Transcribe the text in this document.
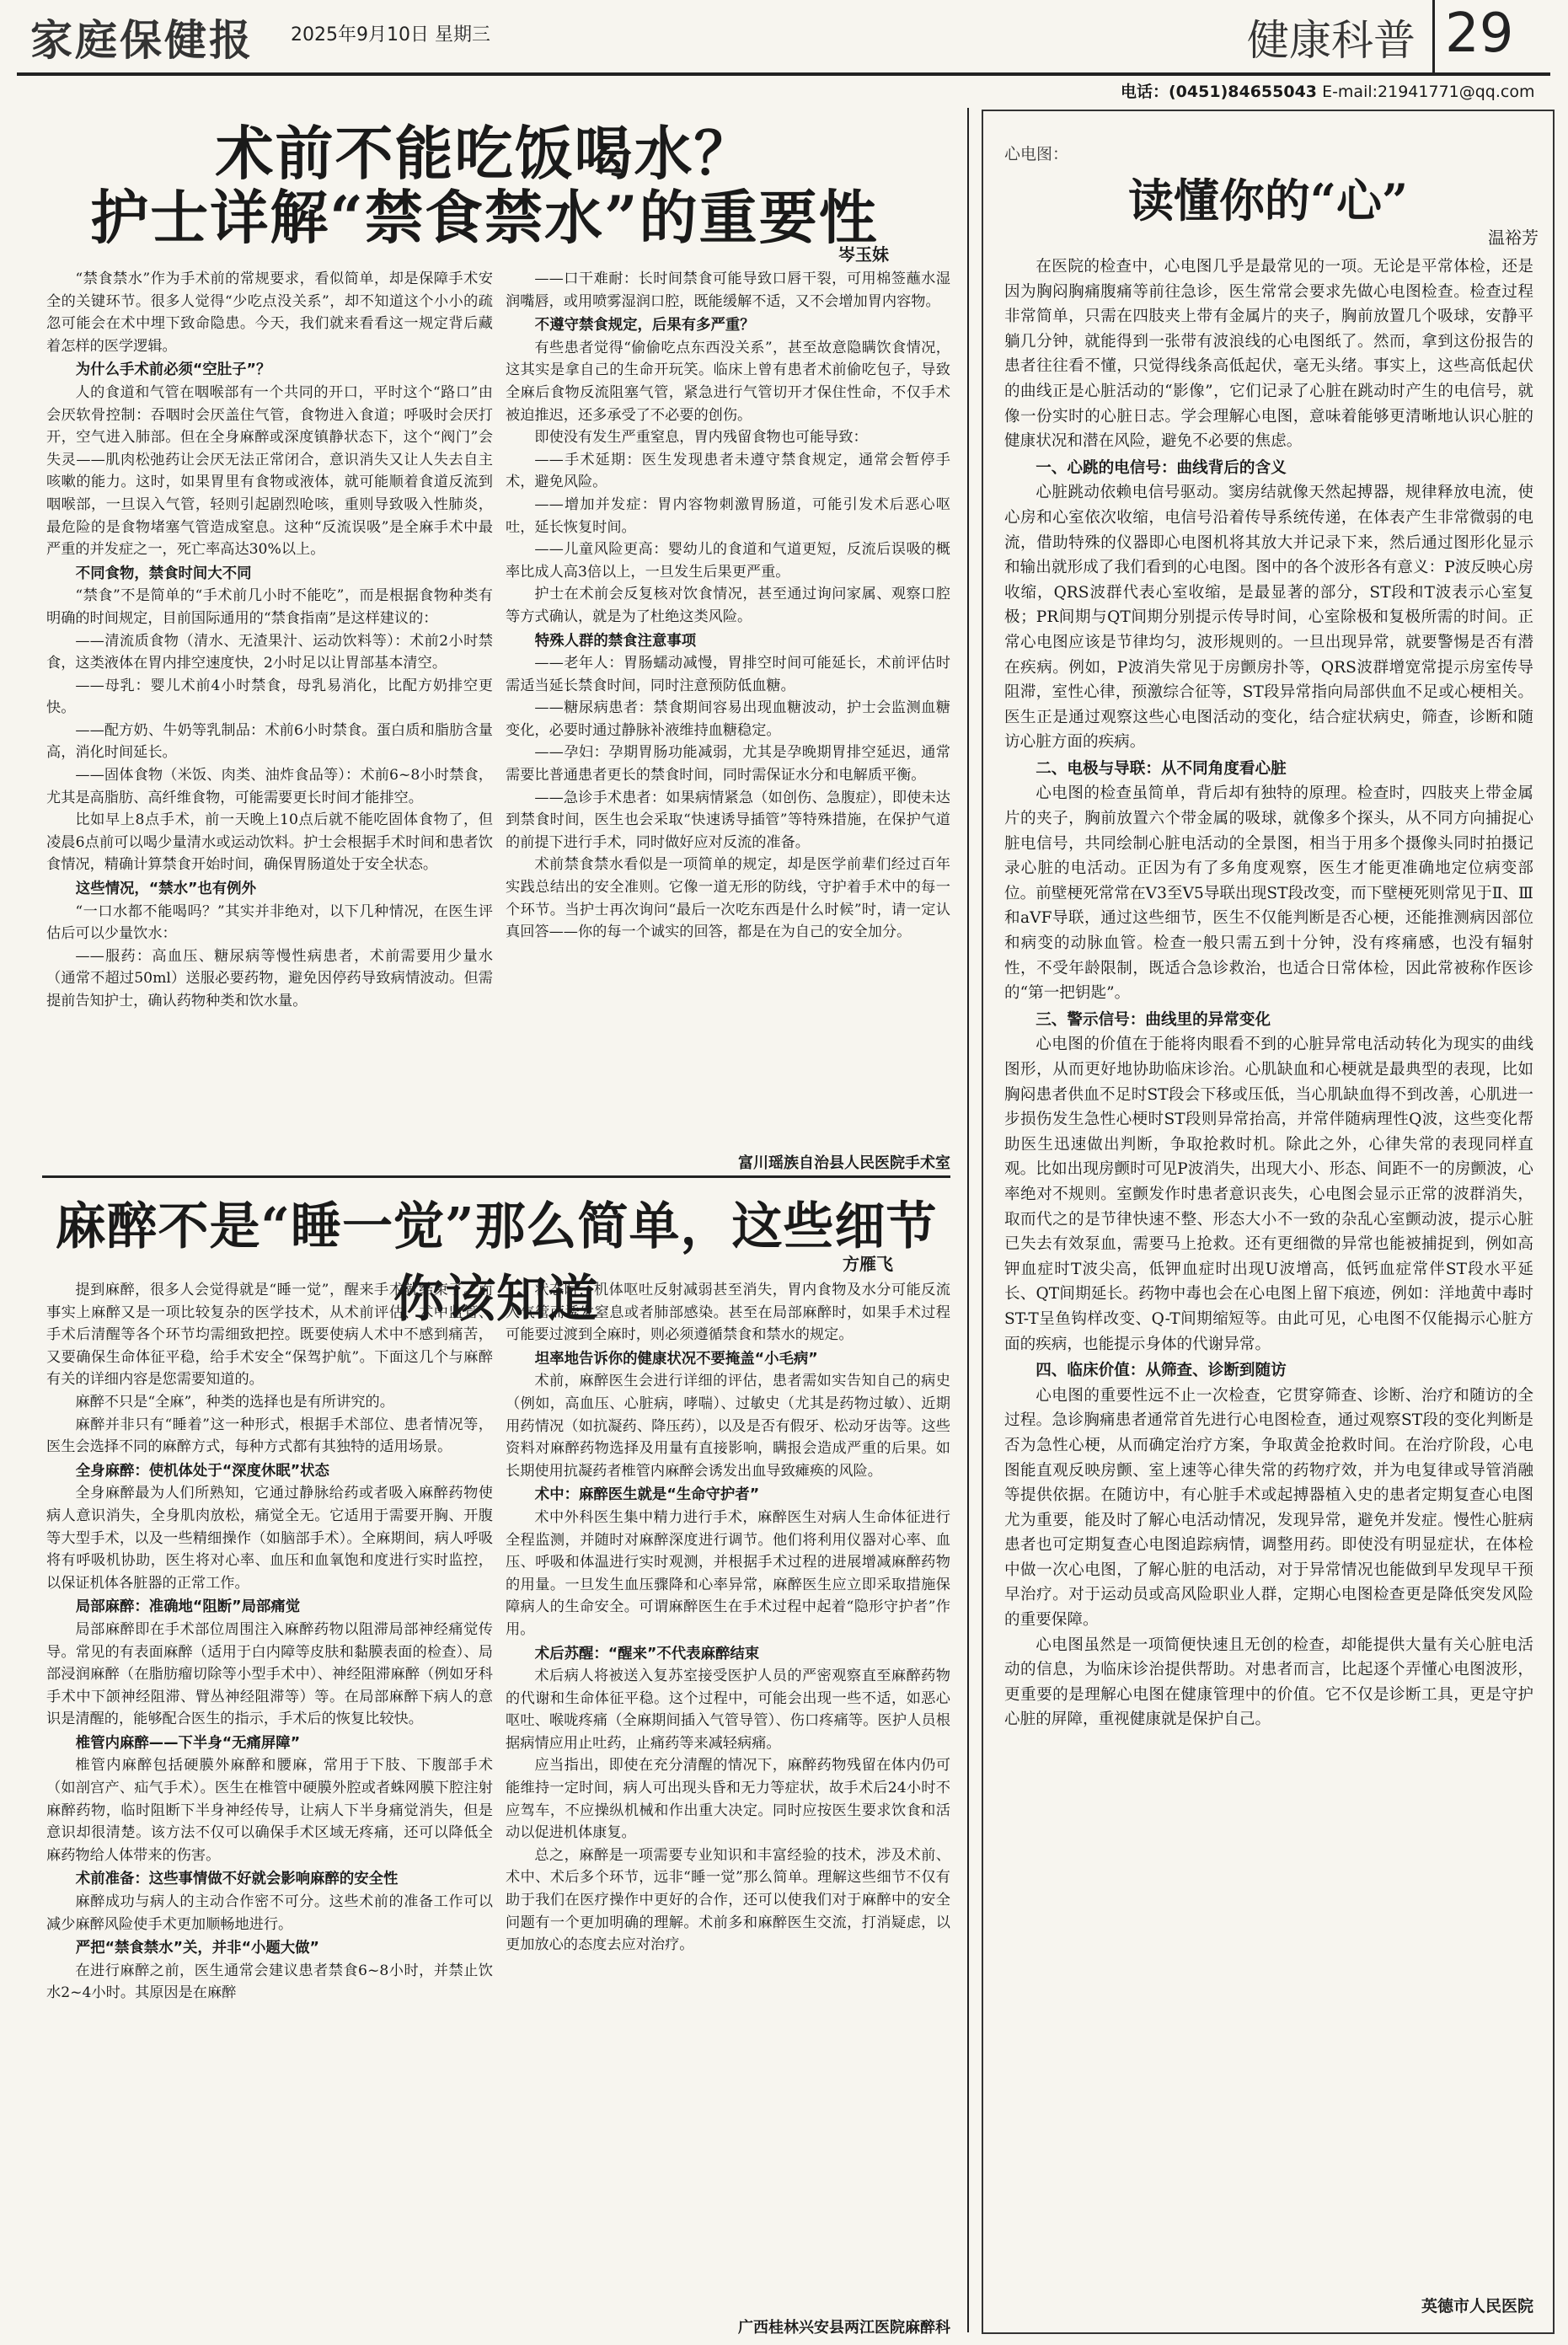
家庭保健报 2025年9月10日 星期三	健康科普 29
电话：(0451)84655043 E-mail:21941771@qq.com
术前不能吃饭喝水？
护士详解“禁食禁水”的重要性
岑玉妹

“禁食禁水”作为手术前的常规要求，看似简单，却是保障手术安全的关键环节。很多人觉得“少吃点没关系”，却不知道这个小小的疏忽可能会在术中埋下致命隐患。今天，我们就来看看这一规定背后藏着怎样的医学逻辑。

为什么手术前必须“空肚子”？

人的食道和气管在咽喉部有一个共同的开口，平时这个“路口”由会厌软骨控制：吞咽时会厌盖住气管，食物进入食道；呼吸时会厌打开，空气进入肺部。但在全身麻醉或深度镇静状态下，这个“阀门”会失灵——肌肉松弛药让会厌无法正常闭合，意识消失又让人失去自主咳嗽的能力。这时，如果胃里有食物或液体，就可能顺着食道反流到咽喉部，一旦误入气管，轻则引起剧烈呛咳，重则导致吸入性肺炎，最危险的是食物堵塞气管造成窒息。这种“反流误吸”是全麻手术中最严重的并发症之一，死亡率高达30%以上。

不同食物，禁食时间大不同

“禁食”不是简单的“手术前几小时不能吃”，而是根据食物种类有明确的时间规定，目前国际通用的“禁食指南”是这样建议的：

——清流质食物（清水、无渣果汁、运动饮料等）：术前2小时禁食，这类液体在胃内排空速度快，2小时足以让胃部基本清空。

——母乳：婴儿术前4小时禁食，母乳易消化，比配方奶排空更快。

——配方奶、牛奶等乳制品：术前6小时禁食。蛋白质和脂肪含量高，消化时间延长。

——固体食物（米饭、肉类、油炸食品等）：术前6~8小时禁食，尤其是高脂肪、高纤维食物，可能需要更长时间才能排空。

比如早上8点手术，前一天晚上10点后就不能吃固体食物了，但凌晨6点前可以喝少量清水或运动饮料。护士会根据手术时间和患者饮食情况，精确计算禁食开始时间，确保胃肠道处于安全状态。

这些情况，“禁水”也有例外

“一口水都不能喝吗？”其实并非绝对，以下几种情况，在医生评估后可以少量饮水：

——服药：高血压、糖尿病等慢性病患者，术前需要用少量水（通常不超过50ml）送服必要药物，避免因停药导致病情波动。但需提前告知护士，确认药物种类和饮水量。

——口干难耐：长时间禁食可能导致口唇干裂，可用棉签蘸水湿润嘴唇，或用喷雾湿润口腔，既能缓解不适，又不会增加胃内容物。

不遵守禁食规定，后果有多严重？

有些患者觉得“偷偷吃点东西没关系”，甚至故意隐瞒饮食情况，这其实是拿自己的生命开玩笑。临床上曾有患者术前偷吃包子，导致全麻后食物反流阻塞气管，紧急进行气管切开才保住性命，不仅手术被迫推迟，还多承受了不必要的创伤。

即使没有发生严重窒息，胃内残留食物也可能导致：

——手术延期：医生发现患者未遵守禁食规定，通常会暂停手术，避免风险。

——增加并发症：胃内容物刺激胃肠道，可能引发术后恶心呕吐，延长恢复时间。

——儿童风险更高：婴幼儿的食道和气道更短，反流后误吸的概率比成人高3倍以上，一旦发生后果更严重。

护士在术前会反复核对饮食情况，甚至通过询问家属、观察口腔等方式确认，就是为了杜绝这类风险。

特殊人群的禁食注意事项

——老年人：胃肠蠕动减慢，胃排空时间可能延长，术前评估时需适当延长禁食时间，同时注意预防低血糖。

——糖尿病患者：禁食期间容易出现血糖波动，护士会监测血糖变化，必要时通过静脉补液维持血糖稳定。

——孕妇：孕期胃肠功能减弱，尤其是孕晚期胃排空延迟，通常需要比普通患者更长的禁食时间，同时需保证水分和电解质平衡。

——急诊手术患者：如果病情紧急（如创伤、急腹症），即使未达到禁食时间，医生也会采取“快速诱导插管”等特殊措施，在保护气道的前提下进行手术，同时做好应对反流的准备。

术前禁食禁水看似是一项简单的规定，却是医学前辈们经过百年实践总结出的安全准则。它像一道无形的防线，守护着手术中的每一个环节。当护士再次询问“最后一次吃东西是什么时候”时，请一定认真回答——你的每一个诚实的回答，都是在为自己的安全加分。

富川瑶族自治县人民医院手术室
麻醉不是“睡一觉”那么简单，这些细节你该知道
方雁飞

提到麻醉，很多人会觉得就是“睡一觉”，醒来手术就结束了。而事实上麻醉又是一项比较复杂的医学技术，从术前评估、术中监管、手术后清醒等各个环节均需细致把控。既要使病人术中不感到痛苦，又要确保生命体征平稳，给手术安全“保驾护航”。下面这几个与麻醉有关的详细内容是您需要知道的。

麻醉不只是“全麻”，种类的选择也是有所讲究的。

麻醉并非只有“睡着”这一种形式，根据手术部位、患者情况等，医生会选择不同的麻醉方式，每种方式都有其独特的适用场景。

全身麻醉：使机体处于“深度休眠”状态

全身麻醉最为人们所熟知，它通过静脉给药或者吸入麻醉药物使病人意识消失，全身肌肉放松，痛觉全无。它适用于需要开胸、开腹等大型手术，以及一些精细操作（如脑部手术）。全麻期间，病人呼吸将有呼吸机协助，医生将对心率、血压和血氧饱和度进行实时监控，以保证机体各脏器的正常工作。

局部麻醉：准确地“阻断”局部痛觉

局部麻醉即在手术部位周围注入麻醉药物以阻滞局部神经痛觉传导。常见的有表面麻醉（适用于白内障等皮肤和黏膜表面的检查）、局部浸润麻醉（在脂肪瘤切除等小型手术中）、神经阻滞麻醉（例如牙科手术中下颌神经阻滞、臂丛神经阻滞等）等。在局部麻醉下病人的意识是清醒的，能够配合医生的指示，手术后的恢复比较快。

椎管内麻醉——下半身“无痛屏障”

椎管内麻醉包括硬膜外麻醉和腰麻，常用于下肢、下腹部手术（如剖宫产、疝气手术）。医生在椎管中硬膜外腔或者蛛网膜下腔注射麻醉药物，临时阻断下半身神经传导，让病人下半身痛觉消失，但是意识却很清楚。该方法不仅可以确保手术区域无疼痛，还可以降低全麻药物给人体带来的伤害。

术前准备：这些事情做不好就会影响麻醉的安全性

麻醉成功与病人的主动合作密不可分。这些术前的准备工作可以减少麻醉风险使手术更加顺畅地进行。

严把“禁食禁水”关，并非“小题大做”

在进行麻醉之前，医生通常会建议患者禁食6~8小时，并禁止饮水2~4小时。其原因是在麻醉

状态时，机体呕吐反射减弱甚至消失，胃内食物及水分可能反流入气管而诱发窒息或者肺部感染。甚至在局部麻醉时，如果手术过程可能要过渡到全麻时，则必须遵循禁食和禁水的规定。

坦率地告诉你的健康状况不要掩盖“小毛病”

术前，麻醉医生会进行详细的评估，患者需如实告知自己的病史（例如，高血压、心脏病，哮喘）、过敏史（尤其是药物过敏）、近期用药情况（如抗凝药、降压药），以及是否有假牙、松动牙齿等。这些资料对麻醉药物选择及用量有直接影响，瞒报会造成严重的后果。如长期使用抗凝药者椎管内麻醉会诱发出血导致瘫痪的风险。

术中：麻醉医生就是“生命守护者”

术中外科医生集中精力进行手术，麻醉医生对病人生命体征进行全程监测，并随时对麻醉深度进行调节。他们将利用仪器对心率、血压、呼吸和体温进行实时观测，并根据手术过程的进展增减麻醉药物的用量。一旦发生血压骤降和心率异常，麻醉医生应立即采取措施保障病人的生命安全。可谓麻醉医生在手术过程中起着“隐形守护者”作用。

术后苏醒：“醒来”不代表麻醉结束

术后病人将被送入复苏室接受医护人员的严密观察直至麻醉药物的代谢和生命体征平稳。这个过程中，可能会出现一些不适，如恶心呕吐、喉咙疼痛（全麻期间插入气管导管）、伤口疼痛等。医护人员根据病情应用止吐药，止痛药等来减轻病痛。

应当指出，即使在充分清醒的情况下，麻醉药物残留在体内仍可能维持一定时间，病人可出现头昏和无力等症状，故手术后24小时不应驾车，不应操纵机械和作出重大决定。同时应按医生要求饮食和活动以促进机体康复。

总之，麻醉是一项需要专业知识和丰富经验的技术，涉及术前、术中、术后多个环节，远非“睡一觉”那么简单。理解这些细节不仅有助于我们在医疗操作中更好的合作，还可以使我们对于麻醉中的安全问题有一个更加明确的理解。术前多和麻醉医生交流，打消疑虑，以更加放心的态度去应对治疗。

广西桂林兴安县两江医院麻醉科
心电图：
读懂你的“心”
温裕芳

在医院的检查中，心电图几乎是最常见的一项。无论是平常体检，还是因为胸闷胸痛腹痛等前往急诊，医生常常会要求先做心电图检查。检查过程非常简单，只需在四肢夹上带有金属片的夹子，胸前放置几个吸球，安静平躺几分钟，就能得到一张带有波浪线的心电图纸了。然而，拿到这份报告的患者往往看不懂，只觉得线条高低起伏，毫无头绪。事实上，这些高低起伏的曲线正是心脏活动的“影像”，它们记录了心脏在跳动时产生的电信号，就像一份实时的心脏日志。学会理解心电图，意味着能够更清晰地认识心脏的健康状况和潜在风险，避免不必要的焦虑。

一、心跳的电信号：曲线背后的含义

心脏跳动依赖电信号驱动。窦房结就像天然起搏器，规律释放电流，使心房和心室依次收缩，电信号沿着传导系统传递，在体表产生非常微弱的电流，借助特殊的仪器即心电图机将其放大并记录下来，然后通过图形化显示和输出就形成了我们看到的心电图。图中的各个波形各有意义：P波反映心房收缩，QRS波群代表心室收缩，是最显著的部分，ST段和T波表示心室复极；PR间期与QT间期分别提示传导时间，心室除极和复极所需的时间。正常心电图应该是节律均匀，波形规则的。一旦出现异常，就要警惕是否有潜在疾病。例如，P波消失常见于房颤房扑等，QRS波群增宽常提示房室传导阻滞，室性心律，预激综合征等，ST段异常指向局部供血不足或心梗相关。医生正是通过观察这些心电图活动的变化，结合症状病史，筛查，诊断和随访心脏方面的疾病。

二、电极与导联：从不同角度看心脏

心电图的检查虽简单，背后却有独特的原理。检查时，四肢夹上带金属片的夹子，胸前放置六个带金属的吸球，就像多个探头，从不同方向捕捉心脏电信号，共同绘制心脏电活动的全景图，相当于用多个摄像头同时拍摄记录心脏的电活动。正因为有了多角度观察，医生才能更准确地定位病变部位。前壁梗死常常在V3至V5导联出现ST段改变，而下壁梗死则常见于Ⅱ、Ⅲ和aVF导联，通过这些细节，医生不仅能判断是否心梗，还能推测病因部位和病变的动脉血管。检查一般只需五到十分钟，没有疼痛感，也没有辐射性，不受年龄限制，既适合急诊救治，也适合日常体检，因此常被称作医诊的“第一把钥匙”。

三、警示信号：曲线里的异常变化

心电图的价值在于能将肉眼看不到的心脏异常电活动转化为现实的曲线图形，从而更好地协助临床诊治。心肌缺血和心梗就是最典型的表现，比如胸闷患者供血不足时ST段会下移或压低，当心肌缺血得不到改善，心肌进一步损伤发生急性心梗时ST段则异常抬高，并常伴随病理性Q波，这些变化帮助医生迅速做出判断，争取抢救时机。除此之外，心律失常的表现同样直观。比如出现房颤时可见P波消失，出现大小、形态、间距不一的房颤波，心率绝对不规则。室颤发作时患者意识丧失，心电图会显示正常的波群消失，取而代之的是节律快速不整、形态大小不一致的杂乱心室颤动波，提示心脏已失去有效泵血，需要马上抢救。还有更细微的异常也能被捕捉到，例如高钾血症时T波尖高，低钾血症时出现U波增高，低钙血症常伴ST段水平延长、QT间期延长。药物中毒也会在心电图上留下痕迹，例如：洋地黄中毒时ST-T呈鱼钩样改变、Q-T间期缩短等。由此可见，心电图不仅能揭示心脏方面的疾病，也能提示身体的代谢异常。

四、临床价值：从筛查、诊断到随访

心电图的重要性远不止一次检查，它贯穿筛查、诊断、治疗和随访的全过程。急诊胸痛患者通常首先进行心电图检查，通过观察ST段的变化判断是否为急性心梗，从而确定治疗方案，争取黄金抢救时间。在治疗阶段，心电图能直观反映房颤、室上速等心律失常的药物疗效，并为电复律或导管消融等提供依据。在随访中，有心脏手术或起搏器植入史的患者定期复查心电图尤为重要，能及时了解心电活动情况，发现异常，避免并发症。慢性心脏病患者也可定期复查心电图追踪病情，调整用药。即使没有明显症状，在体检中做一次心电图，了解心脏的电活动，对于异常情况也能做到早发现早干预早治疗。对于运动员或高风险职业人群，定期心电图检查更是降低突发风险的重要保障。

心电图虽然是一项简便快速且无创的检查，却能提供大量有关心脏电活动的信息，为临床诊治提供帮助。对患者而言，比起逐个弄懂心电图波形，更重要的是理解心电图在健康管理中的价值。它不仅是诊断工具，更是守护心脏的屏障，重视健康就是保护自己。

英德市人民医院
